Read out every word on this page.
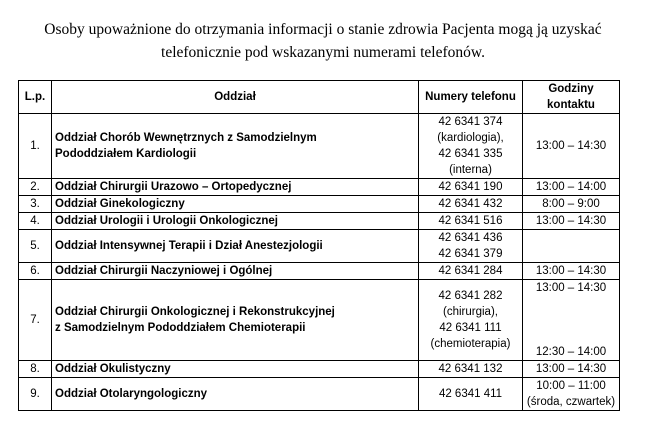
Osoby upoważnione do otrzymania informacji o stanie zdrowia Pacjenta mogą ją uzyskać
telefonicznie pod wskazanymi numerami telefonów.
L.p.	Oddział	Numery telefonu	Godziny kontaktu
1.	Oddział Chorób Wewnętrznych z Samodzielnym
Pododdziałem Kardiologii	42 6341 374
(kardiologia),
42 6341 335
(interna)	13:00 – 14:30
2.	Oddział Chirurgii Urazowo – Ortopedycznej	42 6341 190	13:00 – 14:00
3.	Oddział Ginekologiczny	42 6341 432	8:00 – 9:00
4.	Oddział Urologii i Urologii Onkologicznej	42 6341 516	13:00 – 14:30
5.	Oddział Intensywnej Terapii i Dział Anestezjologii	42 6341 436
42 6341 379	

6.	Oddział Chirurgii Naczyniowej i Ogólnej	42 6341 284	13:00 – 14:30
7.	Oddział Chirurgii Onkologicznej i Rekonstrukcyjnej
z Samodzielnym Pododdziałem Chemioterapii	42 6341 282
(chirurgia),
42 6341 111
(chemioterapia)	13:00 – 14:30
12:30 – 14:00

8.	Oddział Okulistyczny	42 6341 132	13:00 – 14:30
9.	Oddział Otolaryngologiczny	42 6341 411	10:00 – 11:00
(środa, czwartek)
